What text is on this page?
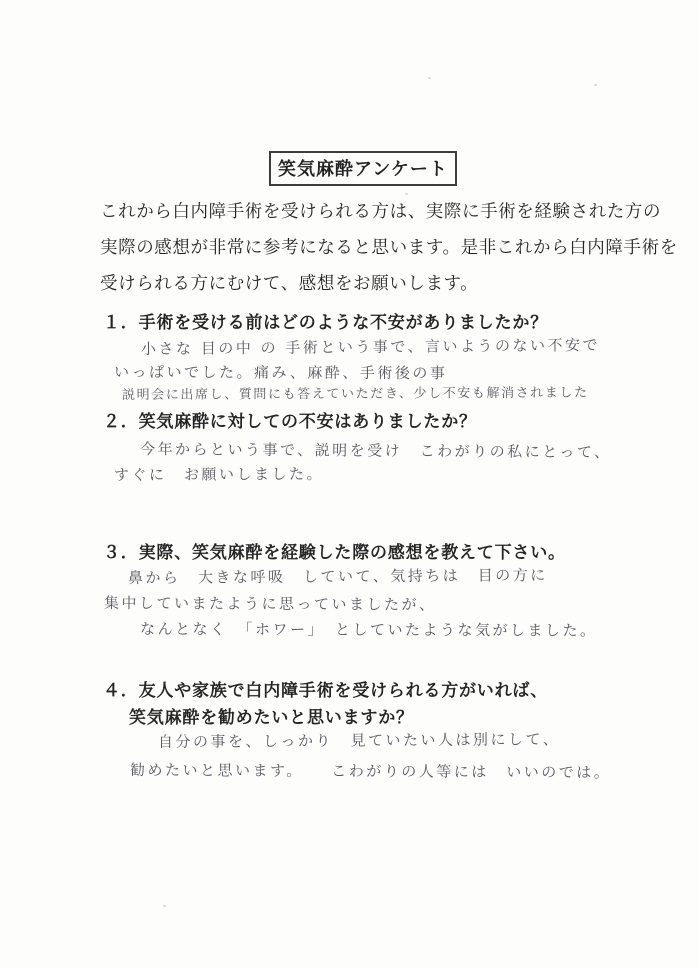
笑気麻酔アンケート
これから白内障手術を受けられる方は、実際に手術を経験された方の
実際の感想が非常に参考になると思います。是非これから白内障手術を
受けられる方にむけて、感想をお願いします。
１．手術を受ける前はどのような不安がありましたか？
小さな 目の中 の 手術という事で、言いようのない不安で
いっぱいでした。痛み、麻酔、手術後の事
説明会に出席し、質問にも答えていただき、少し不安も解消されました
２．笑気麻酔に対しての不安はありましたか？
今年からという事で、説明を受け　こわがりの私にとって、
すぐに　お願いしました。
３．実際、笑気麻酔を経験した際の感想を教えて下さい。
鼻から　大きな呼吸　していて、気持ちは　目の方に
集中していまたように思っていましたが、
なんとなく　「ホワー」　としていたような気がしました。
４．友人や家族で白内障手術を受けられる方がいれば、
笑気麻酔を勧めたいと思いますか？
自分の事を、しっかり　見ていたい人は別にして、
勧めたいと思います。　　こわがりの人等には　いいのでは。
